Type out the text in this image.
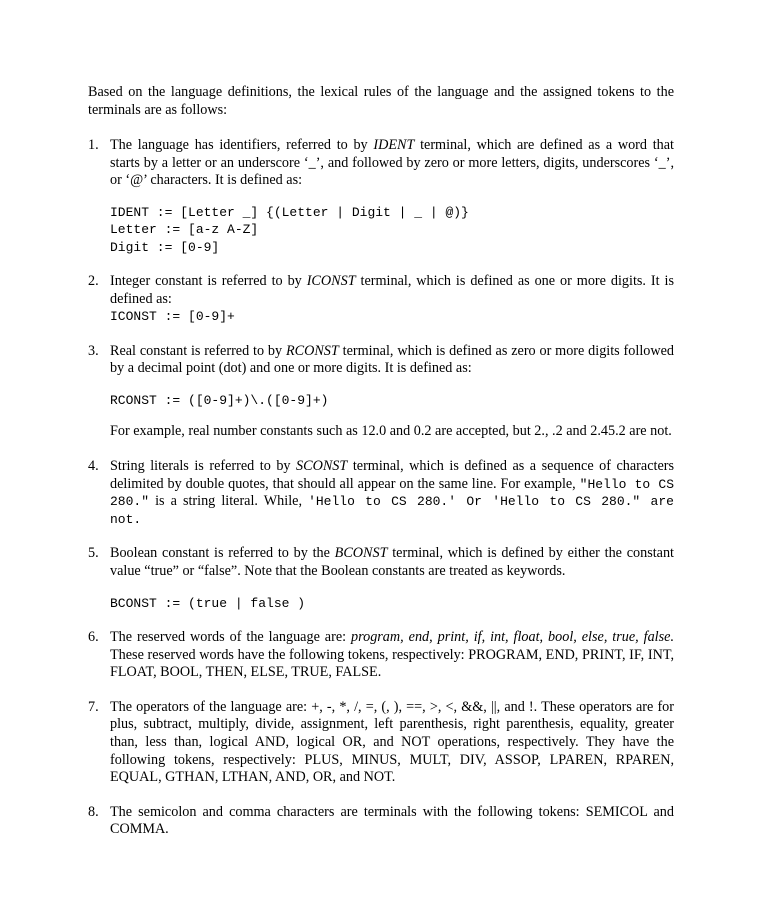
Based on the language definitions, the lexical rules of the language and the assigned tokens to the terminals are as follows:

1. The language has identifiers, referred to by IDENT terminal, which are defined as a word that starts by a letter or an underscore ‘_’, and followed by zero or more letters, digits, underscores ‘_’, or ‘@’ characters. It is defined as:
IDENT := [Letter _] {(Letter | Digit | _ | @)}
Letter := [a-z A-Z]
Digit := [0-9]
2. Integer constant is referred to by ICONST terminal, which is defined as one or more digits. It is defined as:
ICONST := [0-9]+
3. Real constant is referred to by RCONST terminal, which is defined as zero or more digits followed by a decimal point (dot) and one or more digits. It is defined as:
RCONST := ([0-9]+)\.([0-9]+)
For example, real number constants such as 12.0 and 0.2 are accepted, but 2., .2 and 2.45.2 are not.
4. String literals is referred to by SCONST terminal, which is defined as a sequence of characters delimited by double quotes, that should all appear on the same line. For example, "Hello to CS 280." is a string literal. While, 'Hello to CS 280.' Or 'Hello to CS 280." are not.
5. Boolean constant is referred to by the BCONST terminal, which is defined by either the constant value “true” or “false”. Note that the Boolean constants are treated as keywords.
BCONST := (true | false )
6. The reserved words of the language are: program, end, print, if, int, float, bool, else, true, false. These reserved words have the following tokens, respectively: PROGRAM, END, PRINT, IF, INT, FLOAT, BOOL, THEN, ELSE, TRUE, FALSE.
7. The operators of the language are: +, -, *, /, =, (, ), ==, >, <, &&, ||, and !. These operators are for plus, subtract, multiply, divide, assignment, left parenthesis, right parenthesis, equality, greater than, less than, logical AND, logical OR, and NOT operations, respectively. They have the following tokens, respectively: PLUS, MINUS, MULT, DIV, ASSOP, LPAREN, RPAREN, EQUAL, GTHAN, LTHAN, AND, OR, and NOT.
8. The semicolon and comma characters are terminals with the following tokens: SEMICOL and COMMA.
